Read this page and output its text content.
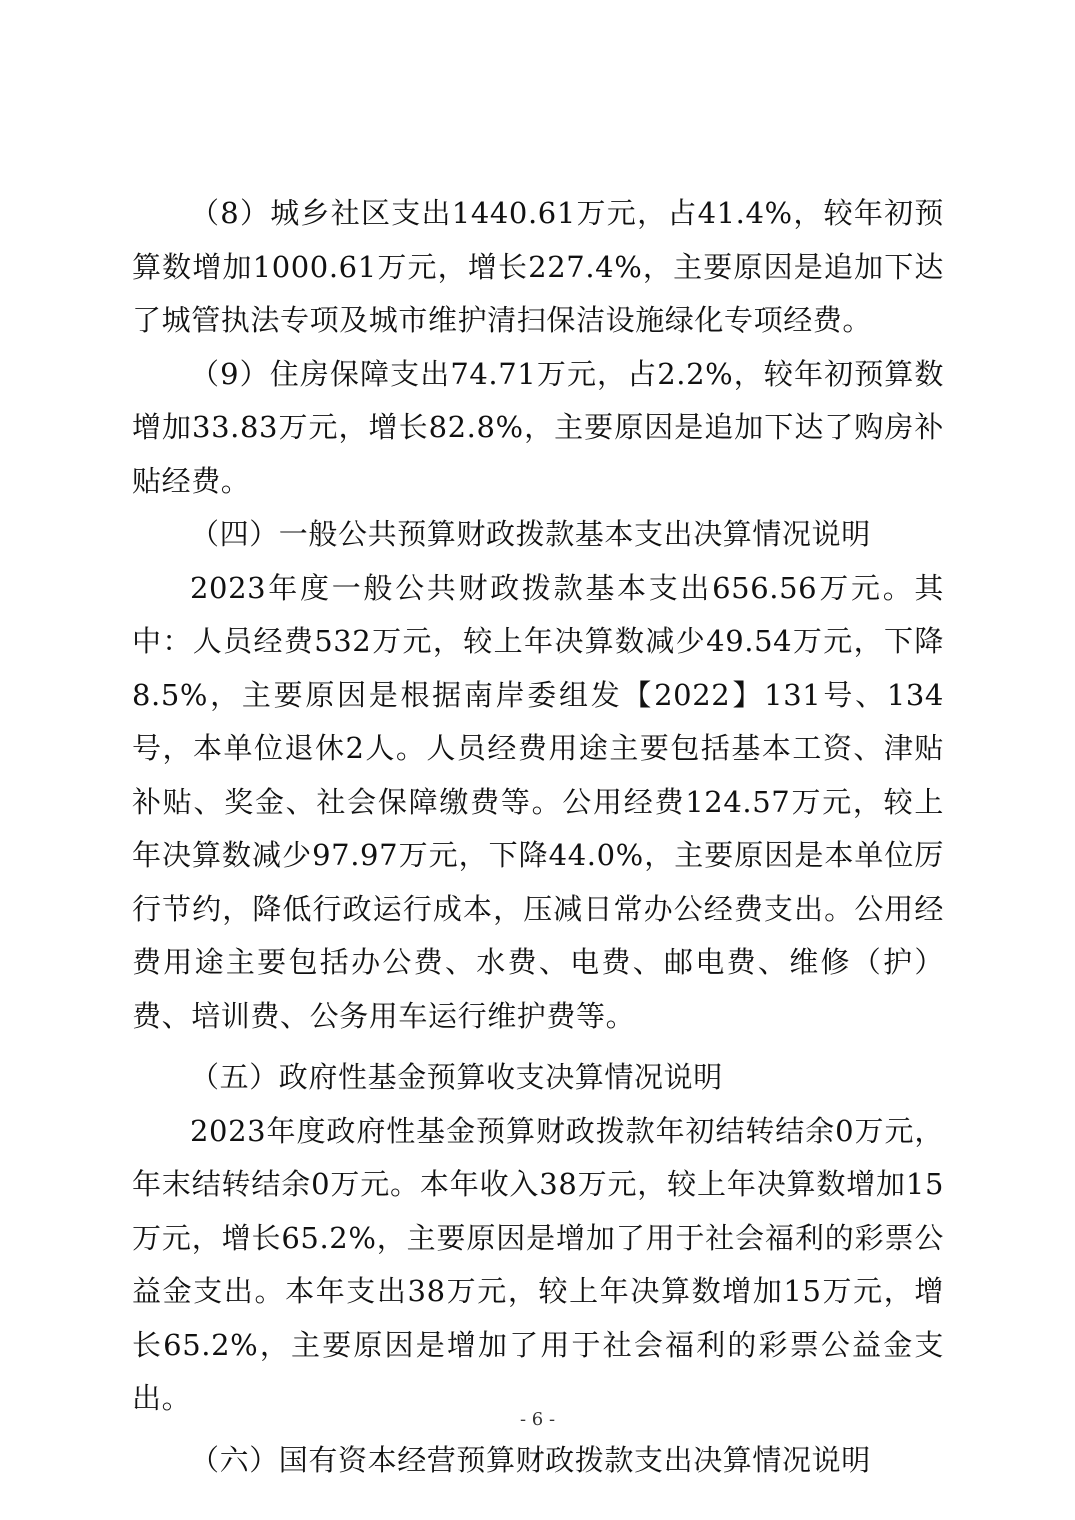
（8）城乡社区支出1440.61万元，占41.4%，较年初预算数增加1000.61万元，增长227.4%，主要原因是追加下达了城管执法专项及城市维护清扫保洁设施绿化专项经费。

（9）住房保障支出74.71万元，占2.2%，较年初预算数增加33.83万元，增长82.8%，主要原因是追加下达了购房补贴经费。

（四）一般公共预算财政拨款基本支出决算情况说明

2023年度一般公共财政拨款基本支出656.56万元。其中：人员经费532万元，较上年决算数减少49.54万元，下降8.5%，主要原因是根据南岸委组发【2022】131号、134号，本单位退休2人。人员经费用途主要包括基本工资、津贴补贴、奖金、社会保障缴费等。公用经费124.57万元，较上年决算数减少97.97万元，下降44.0%，主要原因是本单位厉行节约，降低行政运行成本，压减日常办公经费支出。公用经费用途主要包括办公费、水费、电费、邮电费、维修（护）费、培训费、公务用车运行维护费等。

（五）政府性基金预算收支决算情况说明

2023年度政府性基金预算财政拨款年初结转结余0万元，年末结转结余0万元。本年收入38万元，较上年决算数增加15万元，增长65.2%，主要原因是增加了用于社会福利的彩票公益金支出。本年支出38万元，较上年决算数增加15万元，增长65.2%，主要原因是增加了用于社会福利的彩票公益金支出。

（六）国有资本经营预算财政拨款支出决算情况说明

- 6 -
